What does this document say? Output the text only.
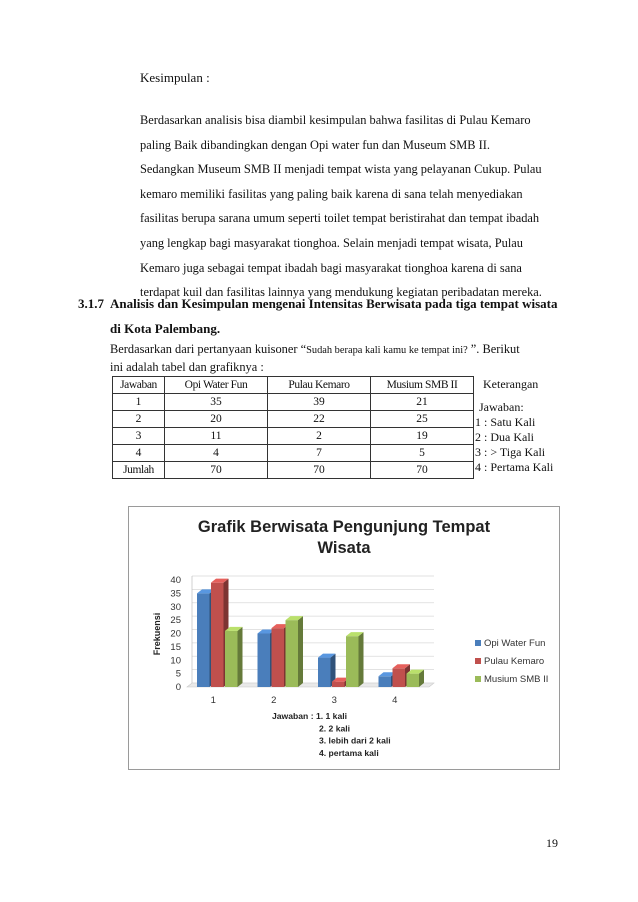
Kesimpulan :
Berdasarkan analisis bisa diambil kesimpulan bahwa fasilitas di Pulau Kemaro
paling Baik dibandingkan dengan Opi water fun dan Museum SMB II.
Sedangkan Museum SMB II menjadi tempat wista yang pelayanan Cukup. Pulau
kemaro memiliki fasilitas yang paling baik karena di sana telah menyediakan
fasilitas berupa sarana umum seperti toilet tempat beristirahat dan tempat ibadah
yang lengkap bagi masyarakat tionghoa. Selain menjadi tempat wisata, Pulau
Kemaro juga sebagai tempat ibadah bagi masyarakat tionghoa karena di sana
terdapat kuil dan fasilitas lainnya yang mendukung kegiatan peribadatan mereka.
3.1.7 Analisis dan Kesimpulan mengenai Intensitas Berwisata pada tiga tempat wisata
di Kota Palembang.
Berdasarkan dari pertanyaan kuisoner “Sudah berapa kali kamu ke tempat ini? ”. Berikut
ini adalah tabel dan grafiknya :
Jawaban	Opi Water Fun	Pulau Kemaro	Musium SMB II
1	35	39	21
2	20	22	25
3	11	2	19
4	4	7	5
Jumlah	70	70	70
Keterangan
Jawaban:
1 : Satu Kali
2 : Dua Kali
3 : > Tiga Kali
4 : Pertama Kali
Grafik Berwisata Pengunjung Tempat
Wisata
Frekuensi
1	2	3	4
0
5
10
15
20
25
30
35
40
Jawaban : 1. 1 kali
2. 2 kali
3. lebih dari 2 kali
4. pertama kali
Opi Water Fun
Pulau Kemaro
Musium SMB II
19
